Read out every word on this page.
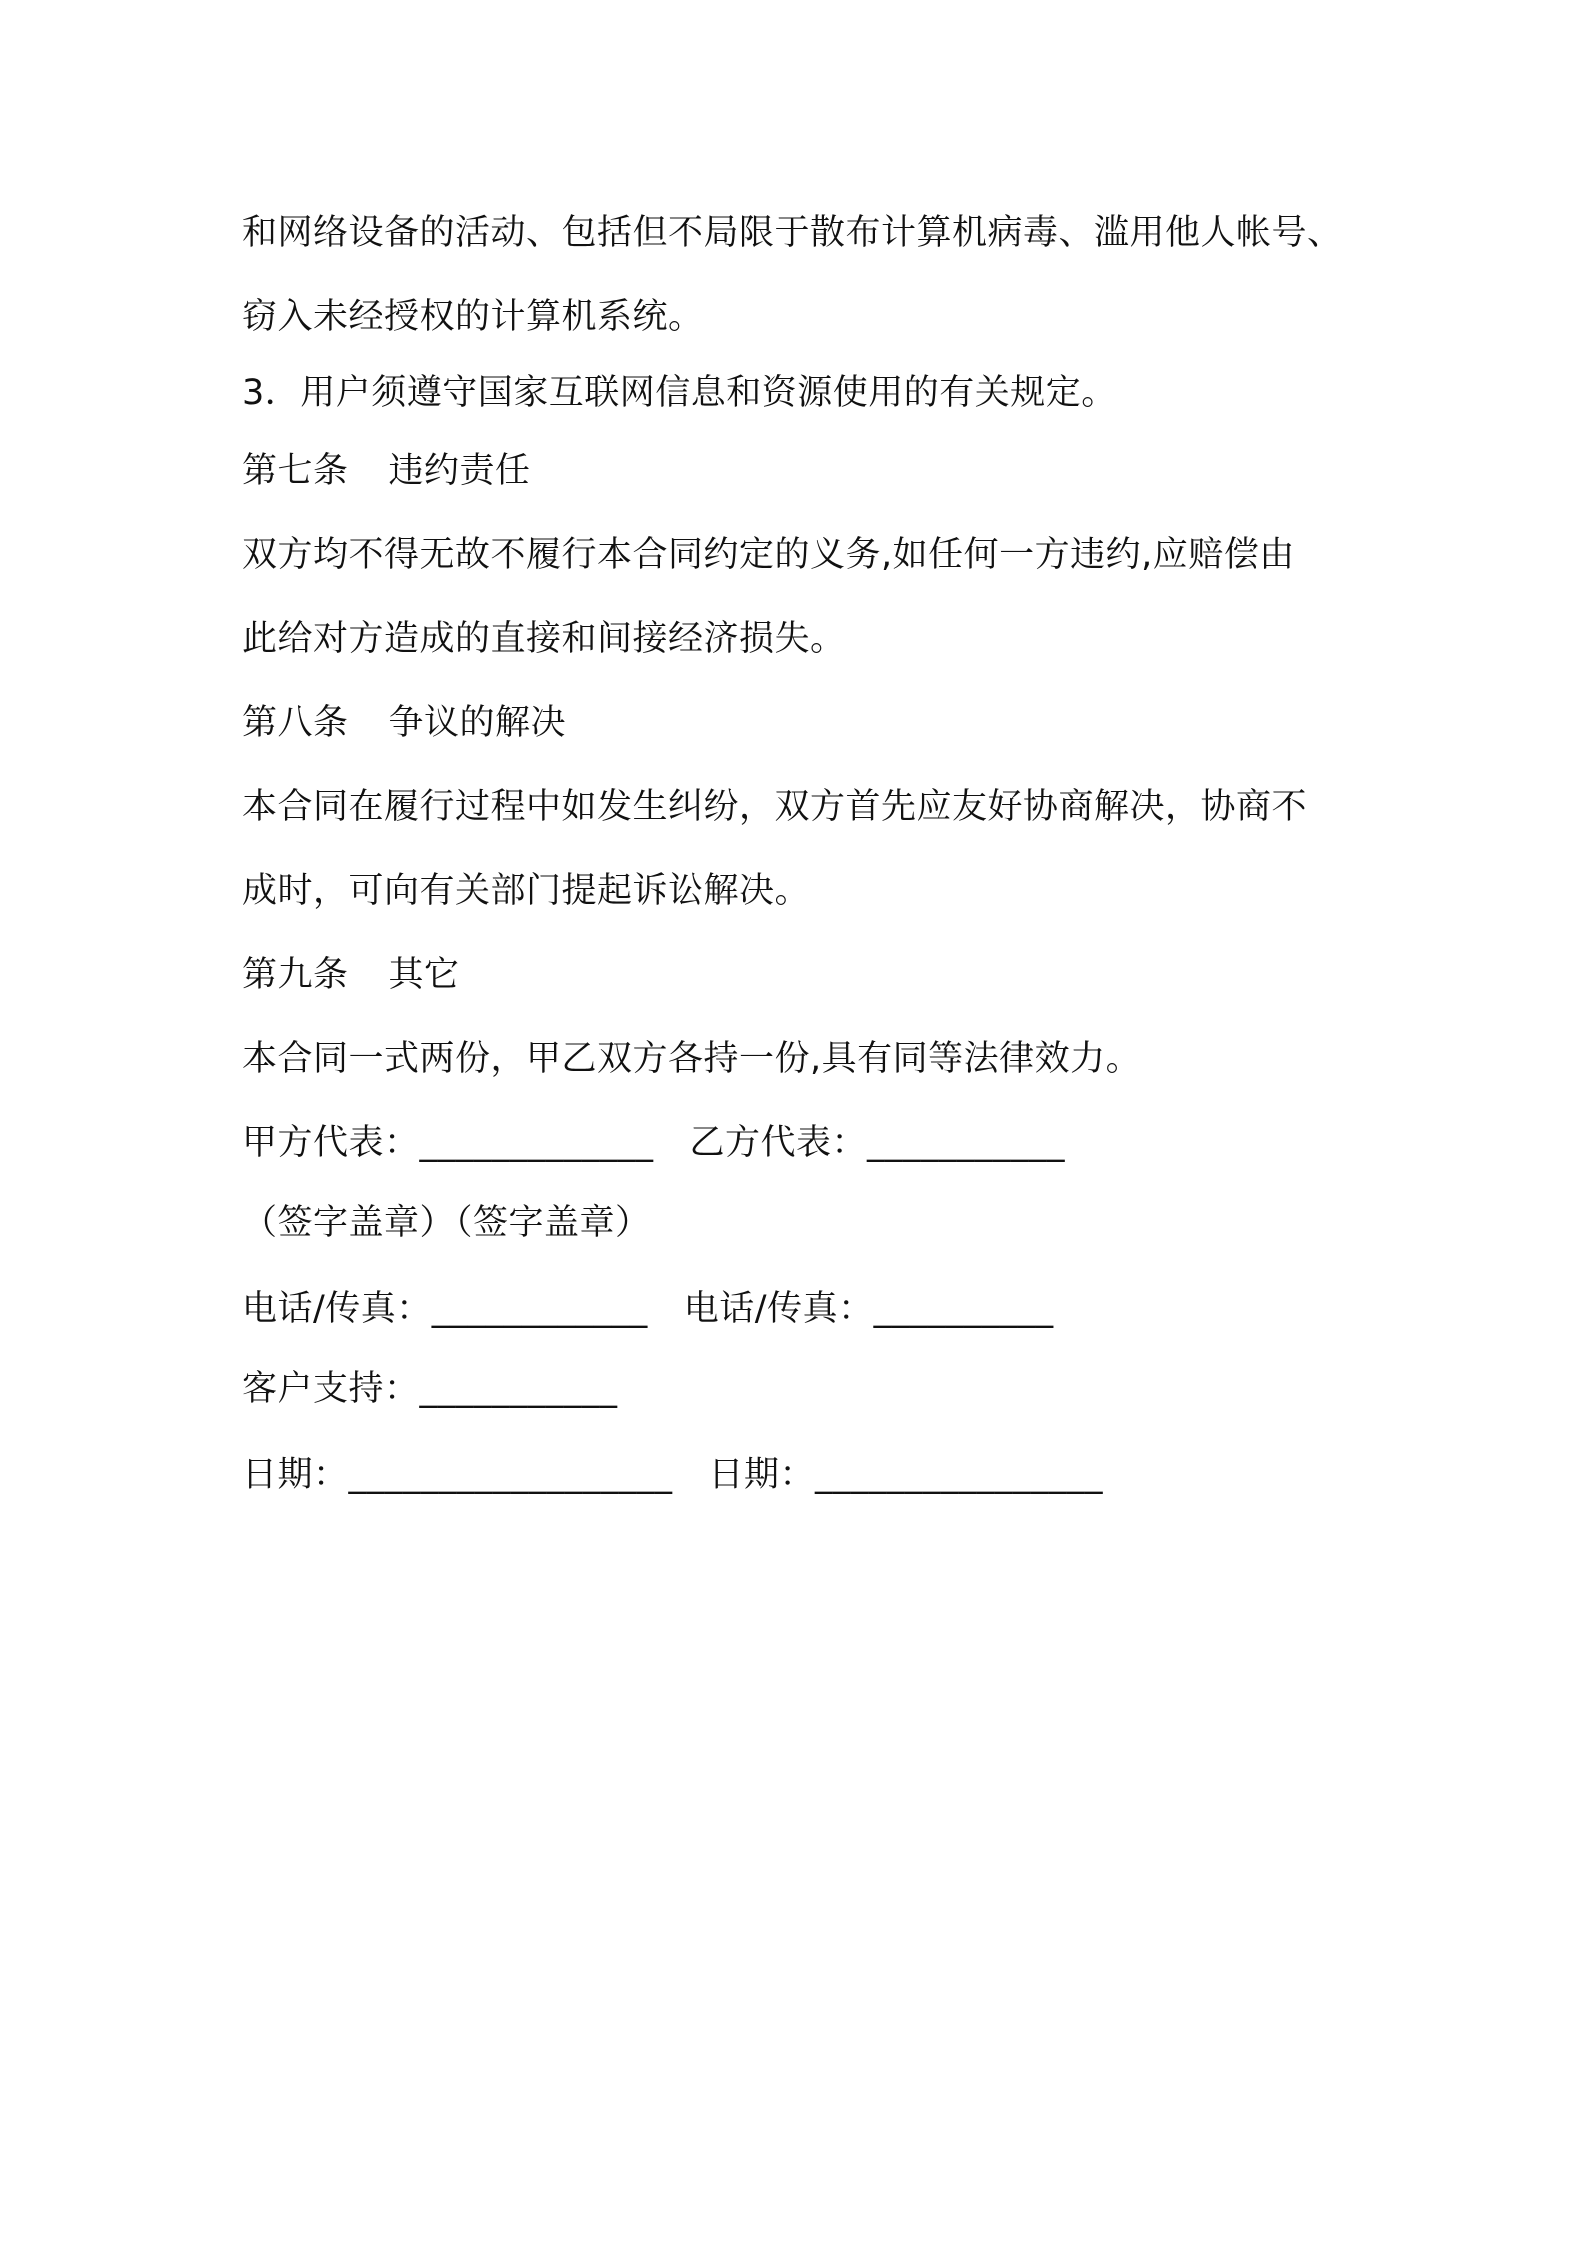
和网络设备的活动、包括但不局限于散布计算机病毒、滥用他人帐号、
窃入未经授权的计算机系统。
3．用户须遵守国家互联网信息和资源使用的有关规定。
第七条 违约责任
双方均不得无故不履行本合同约定的义务,如任何一方违约,应赔偿由
此给对方造成的直接和间接经济损失。
第八条 争议的解决
本合同在履行过程中如发生纠纷，双方首先应友好协商解决，协商不
成时，可向有关部门提起诉讼解决。
第九条 其它
本合同一式两份，甲乙双方各持一份,具有同等法律效力。
甲方代表：_____________ 乙方代表：___________
（签字盖章）（签字盖章）
电话/传真：____________ 电话/传真：__________
客户支持：___________
日期：__________________ 日期：________________
